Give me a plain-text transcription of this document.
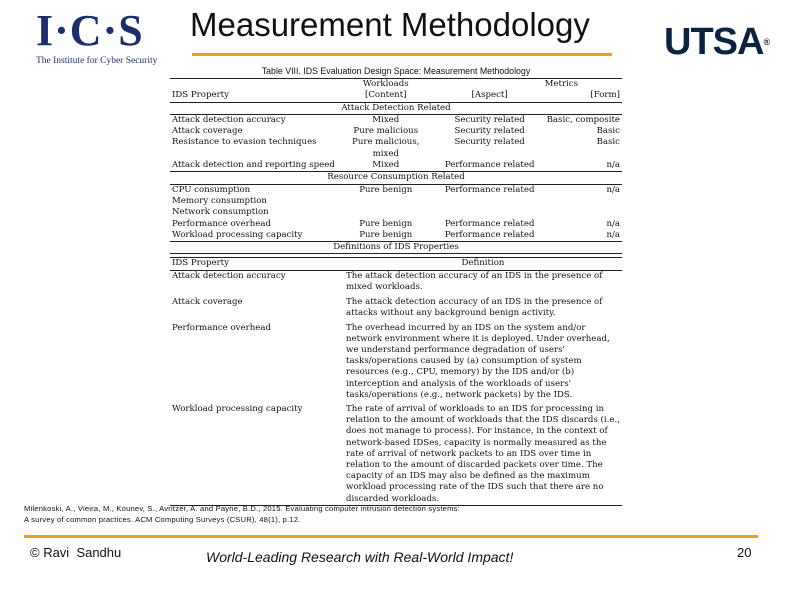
I·C·S
The Institute for Cyber Security
Measurement Methodology	UTSA®
Table VIII. IDS Evaluation Design Space: Measurement Methodology
	Workloads		Metrics
IDS Property	[Content]	[Aspect]	[Form]
Attack Detection Related			
Attack detection accuracy	Mixed	Security related	Basic, composite
Attack coverage	Pure malicious	Security related	Basic
Resistance to evasion techniques	Pure malicious,	Security related	Basic
	mixed		
Attack detection and reporting speed	Mixed	Performance related	n/a
Resource Consumption Related			
CPU consumption	Pure benign	Performance related	n/a
Memory consumption			
Network consumption			
Performance overhead	Pure benign	Performance related	n/a
Workload processing capacity	Pure benign	Performance related	n/a
Definitions of IDS Properties			
IDS Property	Definition
Attack detection accuracy	The attack detection accuracy of an IDS in the presence of mixed workloads.
Attack coverage	The attack detection accuracy of an IDS in the presence of attacks without any background benign activity.
Performance overhead	The overhead incurred by an IDS on the system and/or network environment where it is deployed. Under overhead, we understand performance degradation of users' tasks/operations caused by (a) consumption of system resources (e.g., CPU, memory) by the IDS and/or (b) interception and analysis of the workloads of users' tasks/operations (e.g., network packets) by the IDS.
Workload processing capacity	The rate of arrival of workloads to an IDS for processing in relation to the amount of workloads that the IDS discards (i.e., does not manage to process). For instance, in the context of network-based IDSes, capacity is normally measured as the rate of arrival of network packets to an IDS over time in relation to the amount of discarded packets over time. The capacity of an IDS may also be defined as the maximum workload processing rate of the IDS such that there are no discarded workloads.
Milenkoski, A., Vieira, M., Kounev, S., Avritzer, A. and Payne, B.D., 2015. Evaluating computer intrusion detection systems:
A survey of common practices. ACM Computing Surveys (CSUR), 48(1), p.12.
© Ravi  Sandhu	World-Leading Research with Real-World Impact!	20
